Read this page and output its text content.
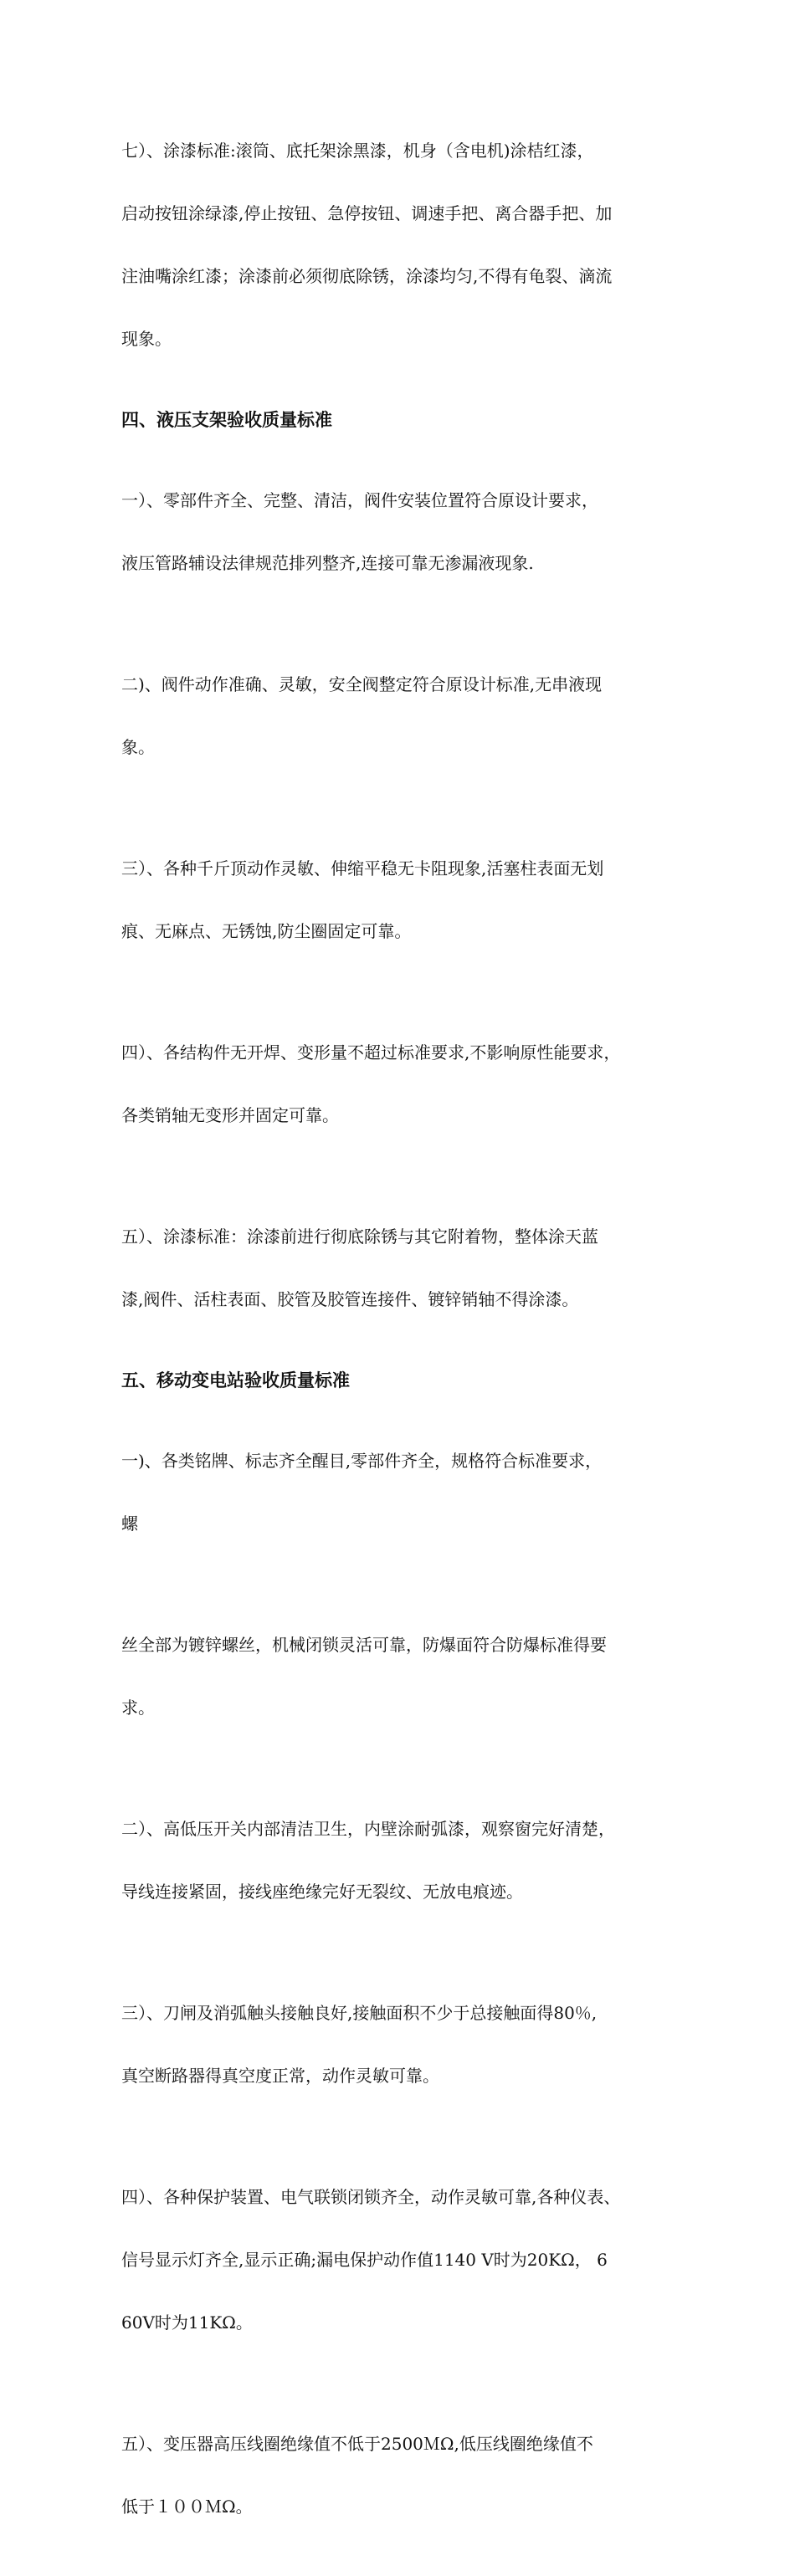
七）、涂漆标准:滚筒、底托架涂黑漆，机身（含电机)涂桔红漆，

启动按钮涂绿漆,停止按钮、急停按钮、调速手把、离合器手把、加

注油嘴涂红漆；涂漆前必须彻底除锈，涂漆均匀,不得有龟裂、滴流

现象。

四、液压支架验收质量标准

一）、零部件齐全、完整、清洁，阀件安装位置符合原设计要求，

液压管路辅设法律规范排列整齐,连接可靠无渗漏液现象.

二)、阀件动作准确、灵敏，安全阀整定符合原设计标准,无串液现

象。

三）、各种千斤顶动作灵敏、伸缩平稳无卡阻现象,活塞柱表面无划

痕、无麻点、无锈蚀,防尘圈固定可靠。

四）、各结构件无开焊、变形量不超过标准要求,不影响原性能要求，

各类销轴无变形并固定可靠。

五）、涂漆标准：涂漆前进行彻底除锈与其它附着物，整体涂天蓝

漆,阀件、活柱表面、胶管及胶管连接件、镀锌销轴不得涂漆。

五、移动变电站验收质量标准

一)、各类铭牌、标志齐全醒目,零部件齐全，规格符合标准要求，

螺

丝全部为镀锌螺丝，机械闭锁灵活可靠，防爆面符合防爆标准得要

求。

二）、高低压开关内部清洁卫生，内壁涂耐弧漆，观察窗完好清楚，

导线连接紧固，接线座绝缘完好无裂纹、无放电痕迹。

三）、刀闸及消弧触头接触良好,接触面积不少于总接触面得80％,

真空断路器得真空度正常，动作灵敏可靠。

四）、各种保护装置、电气联锁闭锁齐全，动作灵敏可靠,各种仪表、

信号显示灯齐全,显示正确;漏电保护动作值1140 V时为20KΩ， 6

60V时为11KΩ。

五）、变压器高压线圈绝缘值不低于2500ＭΩ,低压线圈绝缘值不

低于１００ＭΩ。
